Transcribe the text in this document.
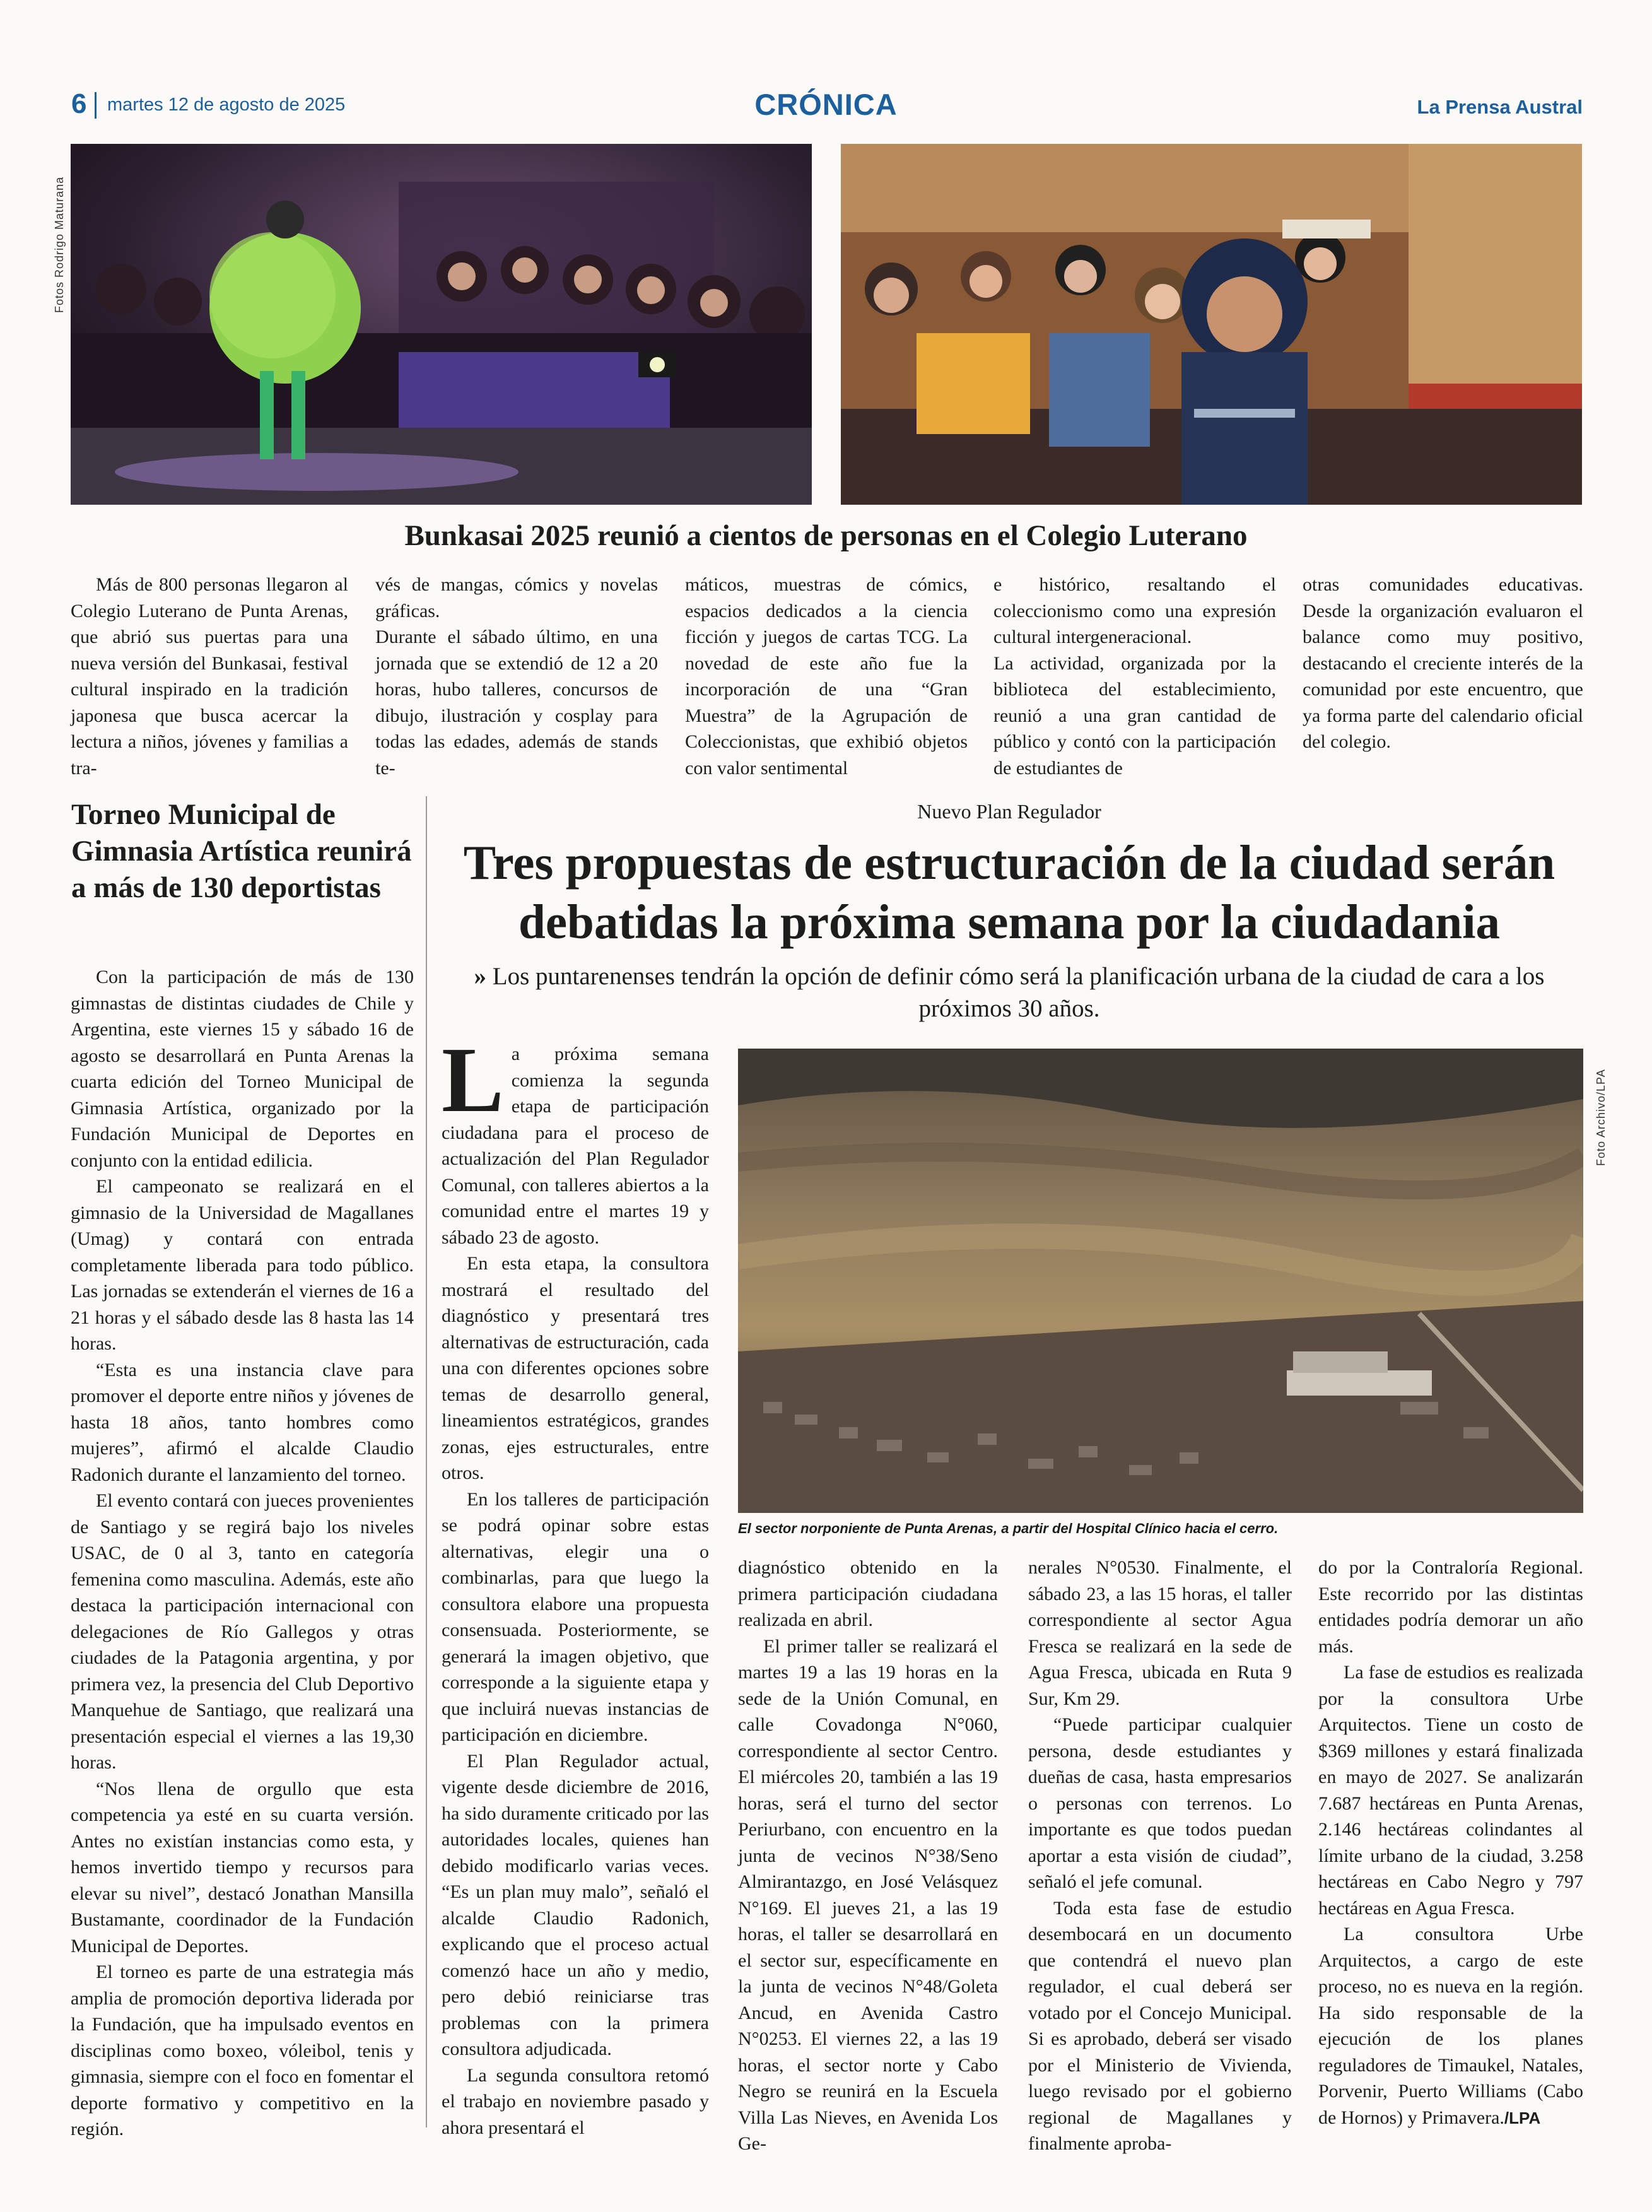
6 martes 12 de agosto de 2025	CRÓNICA	La Prensa Austral
Fotos Rodrigo Maturana
Bunkasai 2025 reunió a cientos de personas en el Colegio Luterano

Más de 800 personas llegaron al Colegio Luterano de Punta Arenas, que abrió sus puertas para una nueva versión del Bunkasai, festival cultural inspirado en la tradición japonesa que busca acercar la lectura a niños, jóvenes y familias a tra-

vés de mangas, cómics y novelas gráficas.
Durante el sábado último, en una jornada que se extendió de 12 a 20 horas, hubo talleres, concursos de dibujo, ilustración y cosplay para todas las edades, además de stands te-

máticos, muestras de cómics, espacios dedicados a la ciencia ficción y juegos de cartas TCG. La novedad de este año fue la incorporación de una “Gran Muestra” de la Agrupación de Coleccionistas, que exhibió objetos con valor sentimental

e histórico, resaltando el coleccionismo como una expresión cultural intergeneracional.
La actividad, organizada por la biblioteca del establecimiento, reunió a una gran cantidad de público y contó con la participación de estudiantes de

otras comunidades educativas. Desde la organización evaluaron el balance como muy positivo, destacando el creciente interés de la comunidad por este encuentro, que ya forma parte del calendario oficial del colegio.

Torneo Municipal de Gimnasia Artística reunirá a más de 130 deportistas

Con la participación de más de 130 gimnastas de distintas ciudades de Chile y Argentina, este viernes 15 y sábado 16 de agosto se desarrollará en Punta Arenas la cuarta edición del Torneo Municipal de Gimnasia Artística, organizado por la Fundación Municipal de Deportes en conjunto con la entidad edilicia.

El campeonato se realizará en el gimnasio de la Universidad de Magallanes (Umag) y contará con entrada completamente liberada para todo público. Las jornadas se extenderán el viernes de 16 a 21 horas y el sábado desde las 8 hasta las 14 horas.

“Esta es una instancia clave para promover el deporte entre niños y jóvenes de hasta 18 años, tanto hombres como mujeres”, afirmó el alcalde Claudio Radonich durante el lanzamiento del torneo.

El evento contará con jueces provenientes de Santiago y se regirá bajo los niveles USAC, de 0 al 3, tanto en categoría femenina como masculina. Además, este año destaca la participación internacional con delegaciones de Río Gallegos y otras ciudades de la Patagonia argentina, y por primera vez, la presencia del Club Deportivo Manquehue de Santiago, que realizará una presentación especial el viernes a las 19,30 horas.

“Nos llena de orgullo que esta competencia ya esté en su cuarta versión. Antes no existían instancias como esta, y hemos invertido tiempo y recursos para elevar su nivel”, destacó Jonathan Mansilla Bustamante, coordinador de la Fundación Municipal de Deportes.

El torneo es parte de una estrategia más amplia de promoción deportiva liderada por la Fundación, que ha impulsado eventos en disciplinas como boxeo, vóleibol, tenis y gimnasia, siempre con el foco en fomentar el deporte formativo y competitivo en la región.

Nuevo Plan Regulador
Tres propuestas de estructuración de la ciudad serán debatidas la próxima semana por la ciudadania
» Los puntarenenses tendrán la opción de definir cómo será la planificación urbana de la ciudad de cara a los próximos 30 años.

La próxima semana comienza la segunda etapa de participación ciudadana para el proceso de actualización del Plan Regulador Comunal, con talleres abiertos a la comunidad entre el martes 19 y sábado 23 de agosto.

En esta etapa, la consultora mostrará el resultado del diagnóstico y presentará tres alternativas de estructuración, cada una con diferentes opciones sobre temas de desarrollo general, lineamientos estratégicos, grandes zonas, ejes estructurales, entre otros.

En los talleres de participación se podrá opinar sobre estas alternativas, elegir una o combinarlas, para que luego la consultora elabore una propuesta consensuada. Posteriormente, se generará la imagen objetivo, que corresponde a la siguiente etapa y que incluirá nuevas instancias de participación en diciembre.

El Plan Regulador actual, vigente desde diciembre de 2016, ha sido duramente criticado por las autoridades locales, quienes han debido modificarlo varias veces. “Es un plan muy malo”, señaló el alcalde Claudio Radonich, explicando que el proceso actual comenzó hace un año y medio, pero debió reiniciarse tras problemas con la primera consultora adjudicada.

La segunda consultora retomó el trabajo en noviembre pasado y ahora presentará el

Foto Archivo/LPA
El sector norponiente de Punta Arenas, a partir del Hospital Clínico hacia el cerro.

diagnóstico obtenido en la primera participación ciudadana realizada en abril.

El primer taller se realizará el martes 19 a las 19 horas en la sede de la Unión Comunal, en calle Covadonga N°060, correspondiente al sector Centro. El miércoles 20, también a las 19 horas, será el turno del sector Periurbano, con encuentro en la junta de vecinos N°38/Seno Almirantazgo, en José Velásquez N°169. El jueves 21, a las 19 horas, el taller se desarrollará en el sector sur, específicamente en la junta de vecinos N°48/Goleta Ancud, en Avenida Castro N°0253. El viernes 22, a las 19 horas, el sector norte y Cabo Negro se reunirá en la Escuela Villa Las Nieves, en Avenida Los Ge-

nerales N°0530. Finalmente, el sábado 23, a las 15 horas, el taller correspondiente al sector Agua Fresca se realizará en la sede de Agua Fresca, ubicada en Ruta 9 Sur, Km 29.

“Puede participar cualquier persona, desde estudiantes y dueñas de casa, hasta empresarios o personas con terrenos. Lo importante es que todos puedan aportar a esta visión de ciudad”, señaló el jefe comunal.

Toda esta fase de estudio desembocará en un documento que contendrá el nuevo plan regulador, el cual deberá ser votado por el Concejo Municipal. Si es aprobado, deberá ser visado por el Ministerio de Vivienda, luego revisado por el gobierno regional de Magallanes y finalmente aproba-

do por la Contraloría Regional. Este recorrido por las distintas entidades podría demorar un año más.

La fase de estudios es realizada por la consultora Urbe Arquitectos. Tiene un costo de $369 millones y estará finalizada en mayo de 2027. Se analizarán 7.687 hectáreas en Punta Arenas, 2.146 hectáreas colindantes al límite urbano de la ciudad, 3.258 hectáreas en Cabo Negro y 797 hectáreas en Agua Fresca.

La consultora Urbe Arquitectos, a cargo de este proceso, no es nueva en la región. Ha sido responsable de la ejecución de los planes reguladores de Timaukel, Natales, Porvenir, Puerto Williams (Cabo de Hornos) y Primavera./LPA
